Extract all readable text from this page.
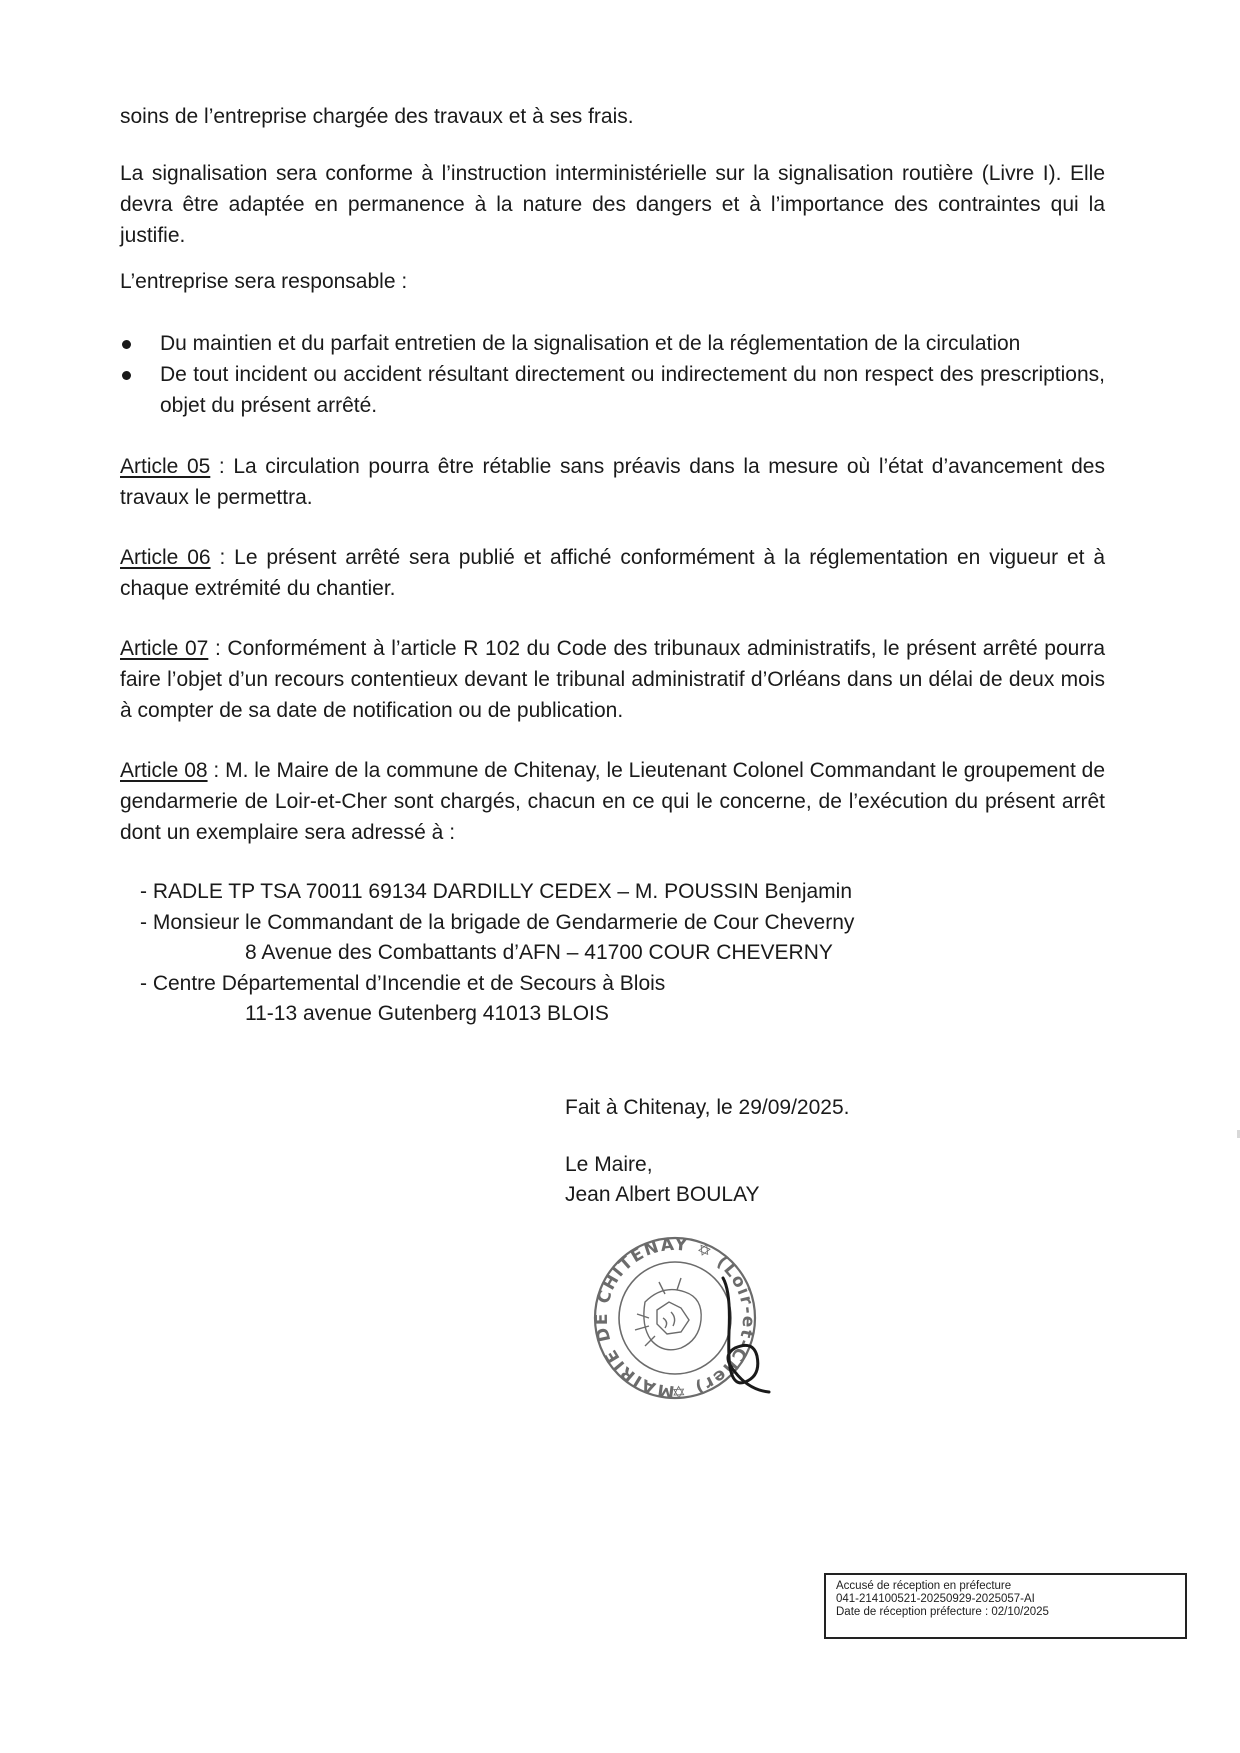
soins de l’entreprise chargée des travaux et à ses frais.

La signalisation sera conforme à l’instruction interministérielle sur la signalisation routière (Livre I). Elle devra être adaptée en permanence à la nature des dangers et à l’importance des contraintes qui la justifie.

L’entreprise sera responsable :

Du maintien et du parfait entretien de la signalisation et de la réglementation de la circulation
De tout incident ou accident résultant directement ou indirectement du non respect des prescriptions, objet du présent arrêté.

Article 05 : La circulation pourra être rétablie sans préavis dans la mesure où l’état d’avancement des travaux le permettra.

Article 06 : Le présent arrêté sera publié et affiché conformément à la réglementation en vigueur et à chaque extrémité du chantier.

Article 07 : Conformément à l’article R 102 du Code des tribunaux administratifs, le présent arrêté pourra faire l’objet d’un recours contentieux devant le tribunal administratif d’Orléans dans un délai de deux mois à compter de sa date de notification ou de publication.

Article 08 : M. le Maire de la commune de Chitenay, le Lieutenant Colonel Commandant le groupement de gendarmerie de Loir-et-Cher sont chargés, chacun en ce qui le concerne, de l’exécution du présent arrêt dont un exemplaire sera adressé à :

- RADLE TP TSA 70011 69134 DARDILLY CEDEX – M. POUSSIN Benjamin
- Monsieur le Commandant de la brigade de Gendarmerie de Cour Cheverny
8 Avenue des Combattants d’AFN – 41700 COUR CHEVERNY
- Centre Départemental d’Incendie et de Secours à Blois
11-13 avenue Gutenberg 41013 BLOIS
Fait à Chitenay, le 29/09/2025.
Le Maire,
Jean Albert BOULAY
MAIRIE DE CHITENAY ✡ (Loir-et-Cher) ✡
Accusé de réception en préfecture
041-214100521-20250929-2025057-AI
Date de réception préfecture : 02/10/2025
